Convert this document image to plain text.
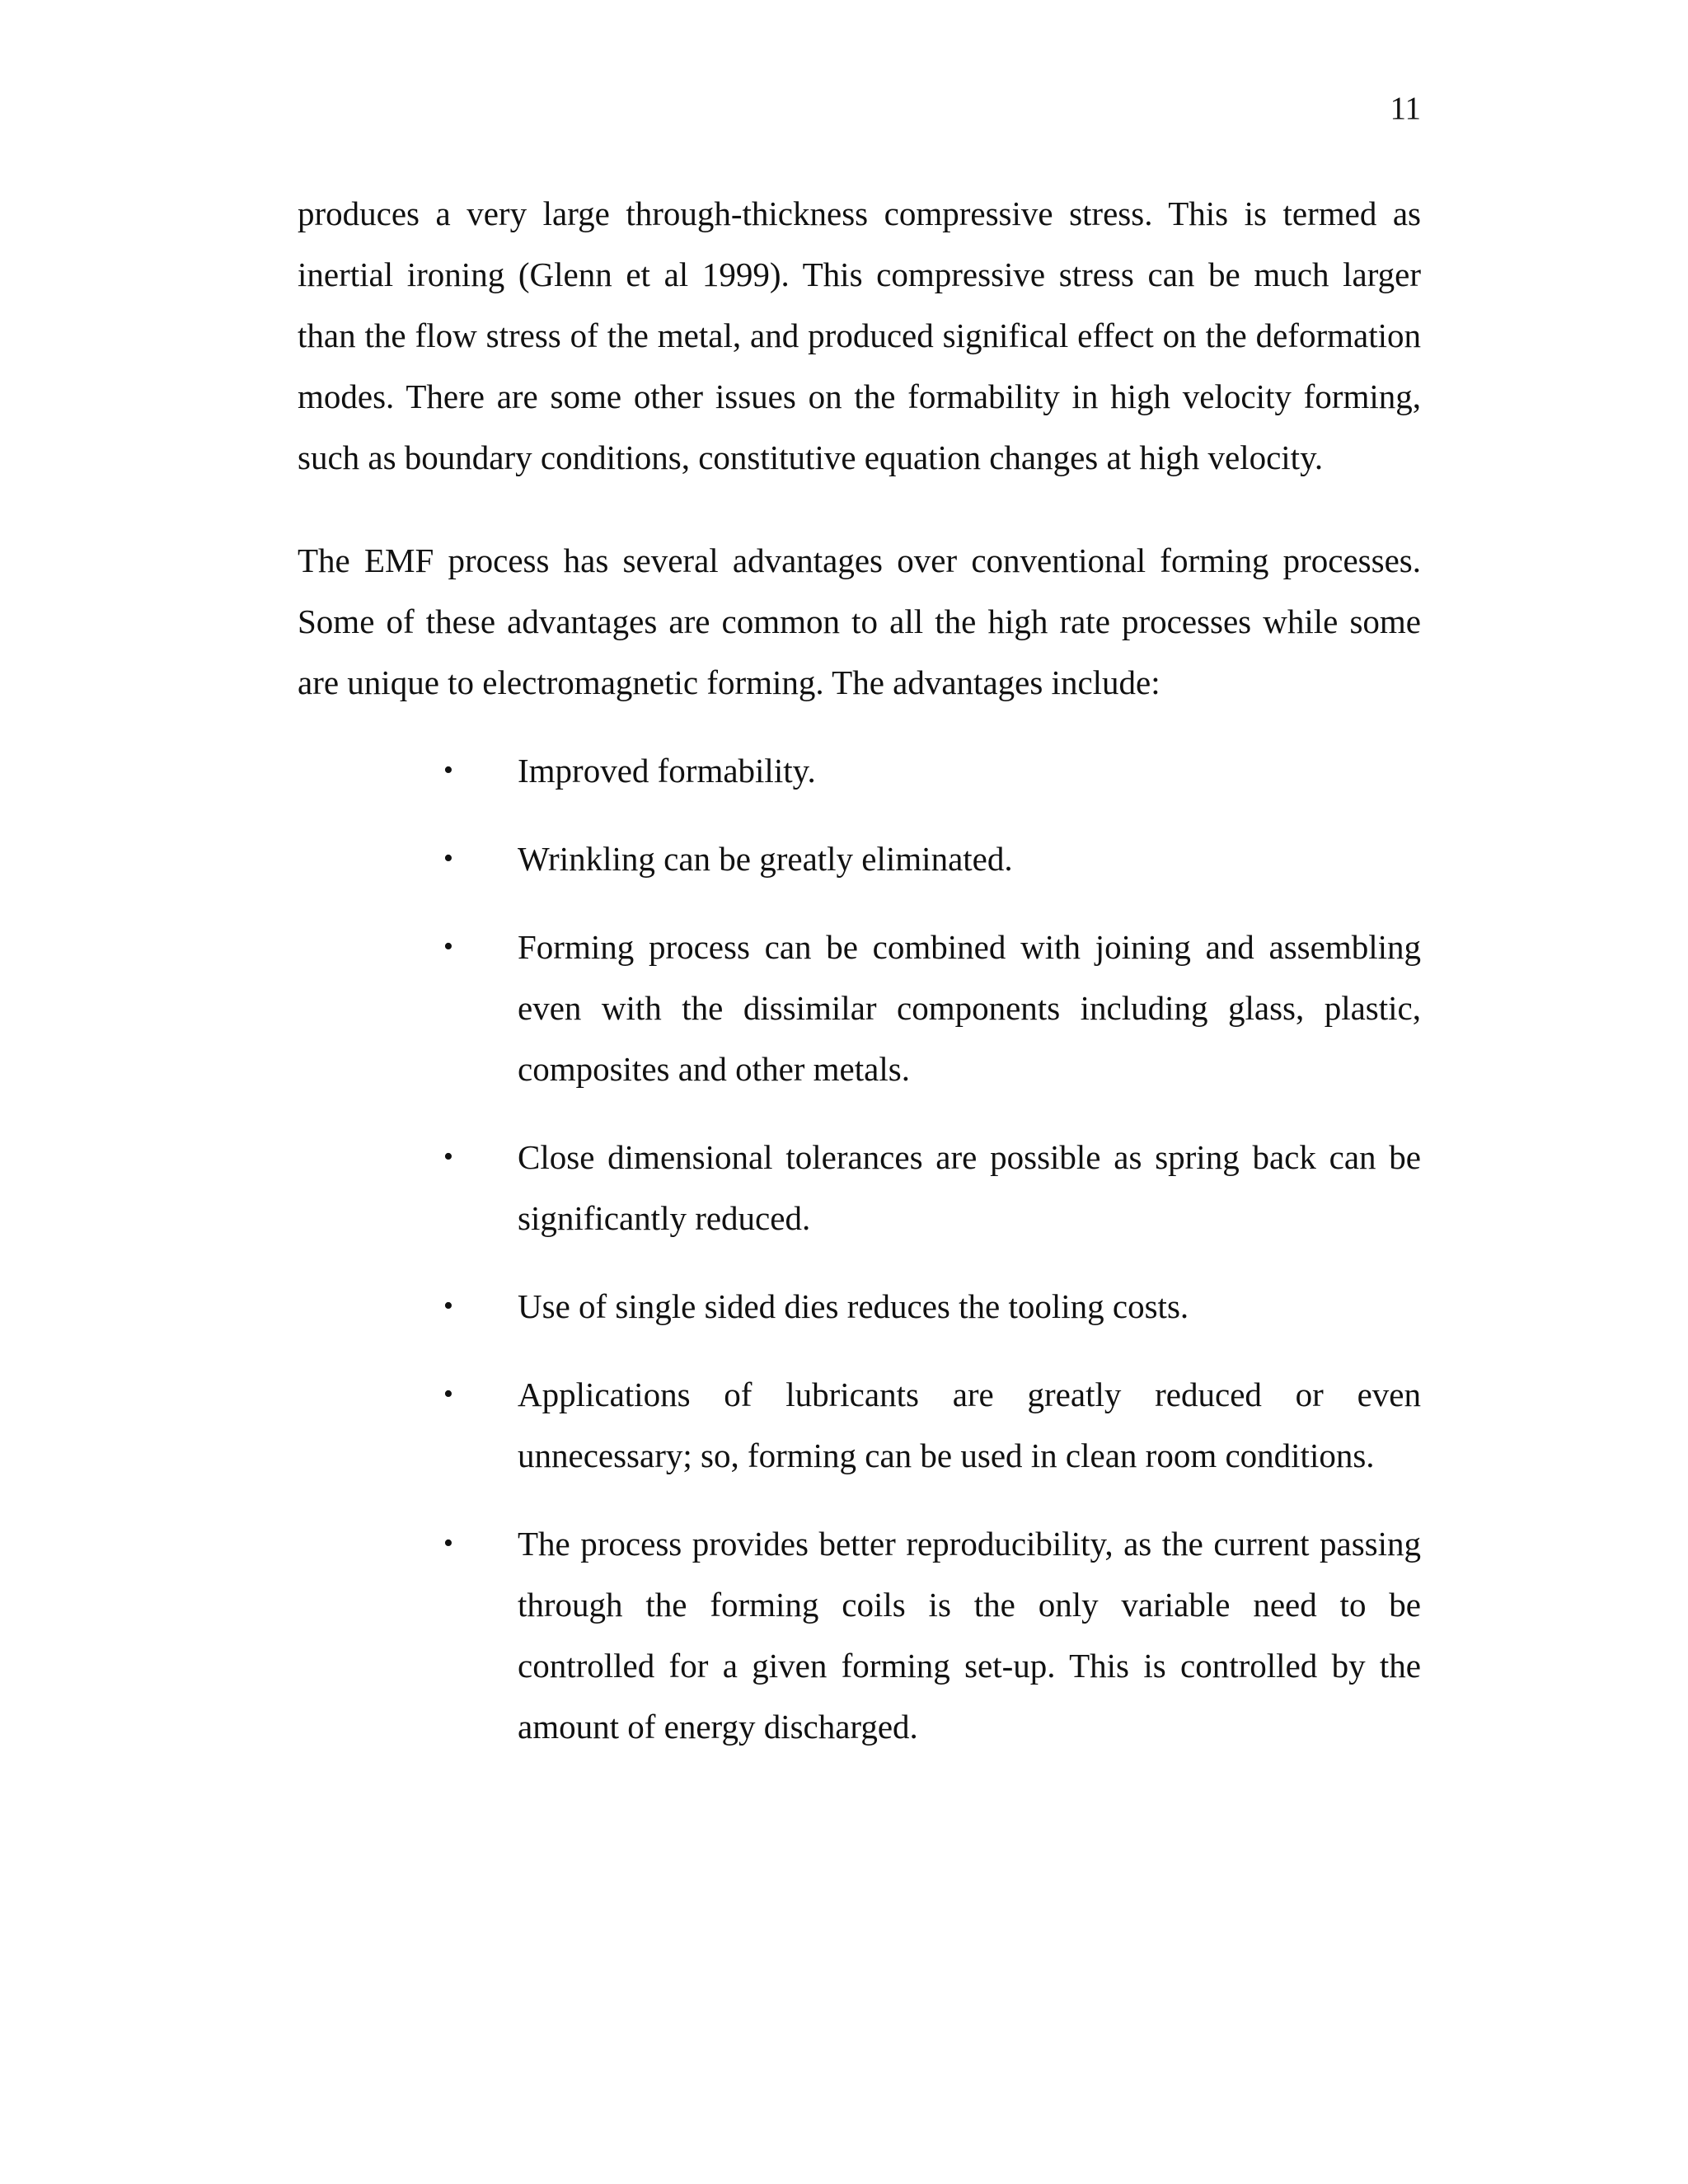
11

produces a very large through-thickness compressive stress. This is termed as inertial ironing (Glenn et al 1999). This compressive stress can be much larger than the flow stress of the metal, and produced significal effect on the deformation modes. There are some other issues on the formability in high velocity forming, such as boundary conditions, constitutive equation changes at high velocity.

The EMF process has several advantages over conventional forming processes. Some of these advantages are common to all the high rate processes while some are unique to electromagnetic forming. The advantages include:

• Improved formability.
• Wrinkling can be greatly eliminated.
• Forming process can be combined with joining and assembling even with the dissimilar components including glass, plastic, composites and other metals.
• Close dimensional tolerances are possible as spring back can be significantly reduced.
• Use of single sided dies reduces the tooling costs.
• Applications of lubricants are greatly reduced or even unnecessary; so, forming can be used in clean room conditions.
• The process provides better reproducibility, as the current passing through the forming coils is the only variable need to be controlled for a given forming set-up. This is controlled by the amount of energy discharged.
